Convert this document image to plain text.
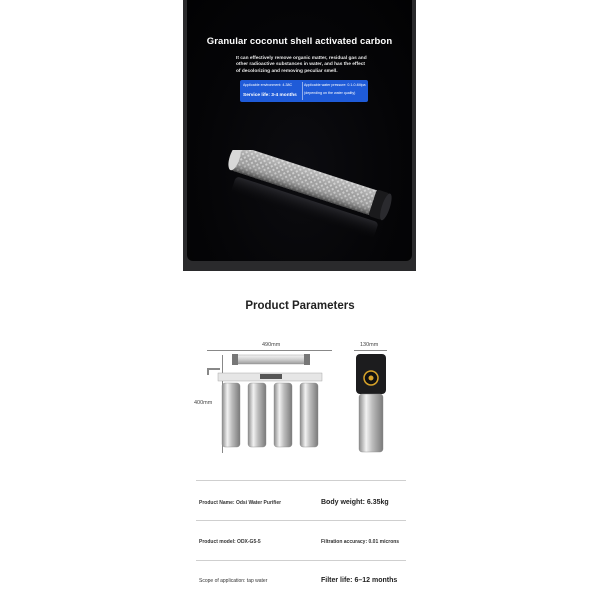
Granular coconut shell activated carbon
It can effectively remove organic matter, residual gas and other radioactive substances in water, and has the effect of decolorizing and removing peculiar smell.
Applicable environment: 4-38C	Applicable water pressure: 0.1-0.4Mpa
Service life: 3-4 months (depending on the water quality)
Product Parameters
490mm	130mm
400mm
Product Name: Odsi Water Purifier	Body weight: 6.35kg
Product model: ODX-G5-5	Filtration accuracy: 0.01 microns
Scope of application: tap water	Filter life: 6–12 months
